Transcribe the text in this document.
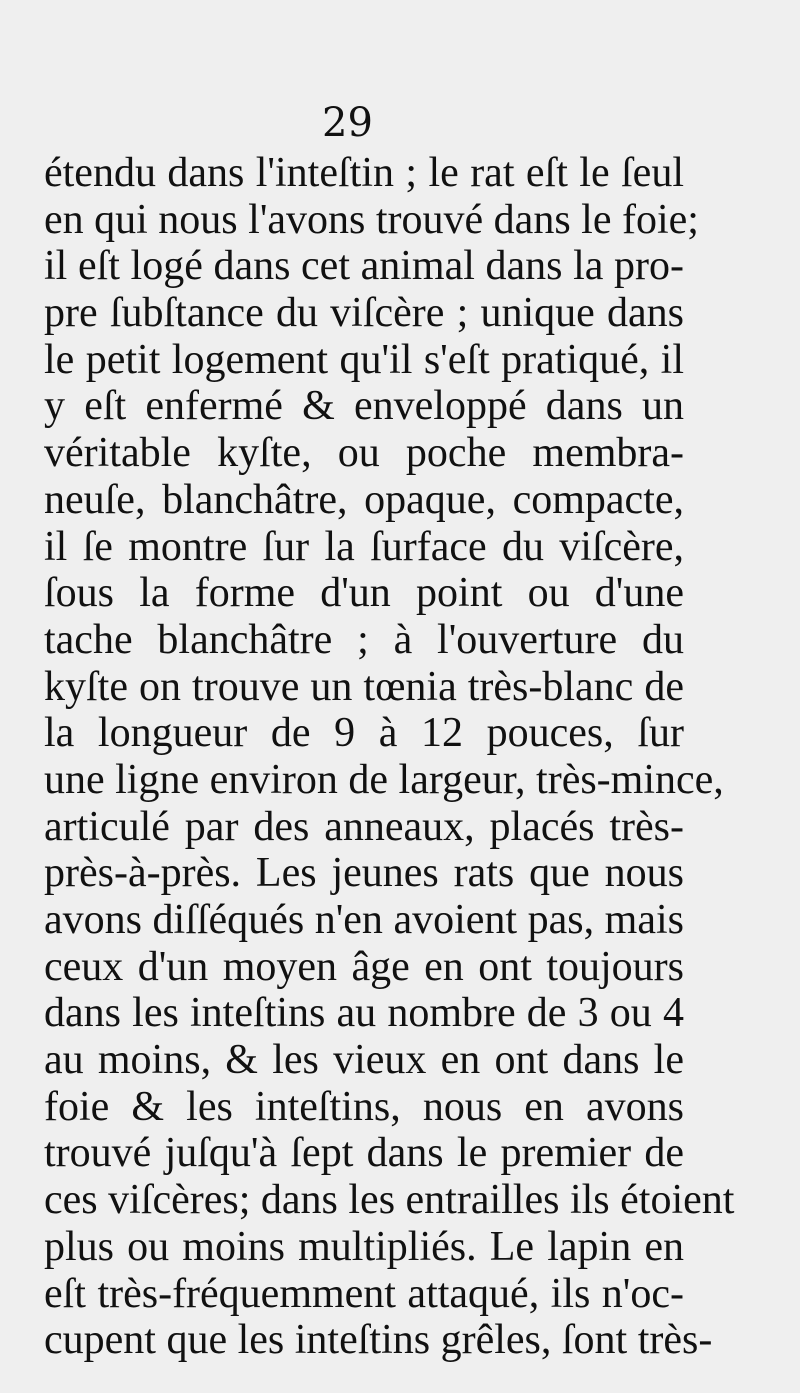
29
étendu dans l'inteſtin ; le rat eſt le ſeul
en qui nous l'avons trouvé dans le foie;
il eſt logé dans cet animal dans la pro-
pre ſubſtance du viſcère ; unique dans
le petit logement qu'il s'eſt pratiqué, il
y eſt enfermé & enveloppé dans un
véritable kyſte, ou poche membra-
neuſe, blanchâtre, opaque, compacte,
il ſe montre ſur la ſurface du viſcère,
ſous la forme d'un point ou d'une
tache blanchâtre ; à l'ouverture du
kyſte on trouve un tœnia très-blanc de
la longueur de 9 à 12 pouces, ſur
une ligne environ de largeur, très-mince,
articulé par des anneaux, placés très-
près-à-près. Les jeunes rats que nous
avons diſſéqués n'en avoient pas, mais
ceux d'un moyen âge en ont toujours
dans les inteſtins au nombre de 3 ou 4
au moins, & les vieux en ont dans le
foie & les inteſtins, nous en avons
trouvé juſqu'à ſept dans le premier de
ces viſcères; dans les entrailles ils étoient
plus ou moins multipliés. Le lapin en
eſt très-fréquemment attaqué, ils n'oc-
cupent que les inteſtins grêles, ſont très-
